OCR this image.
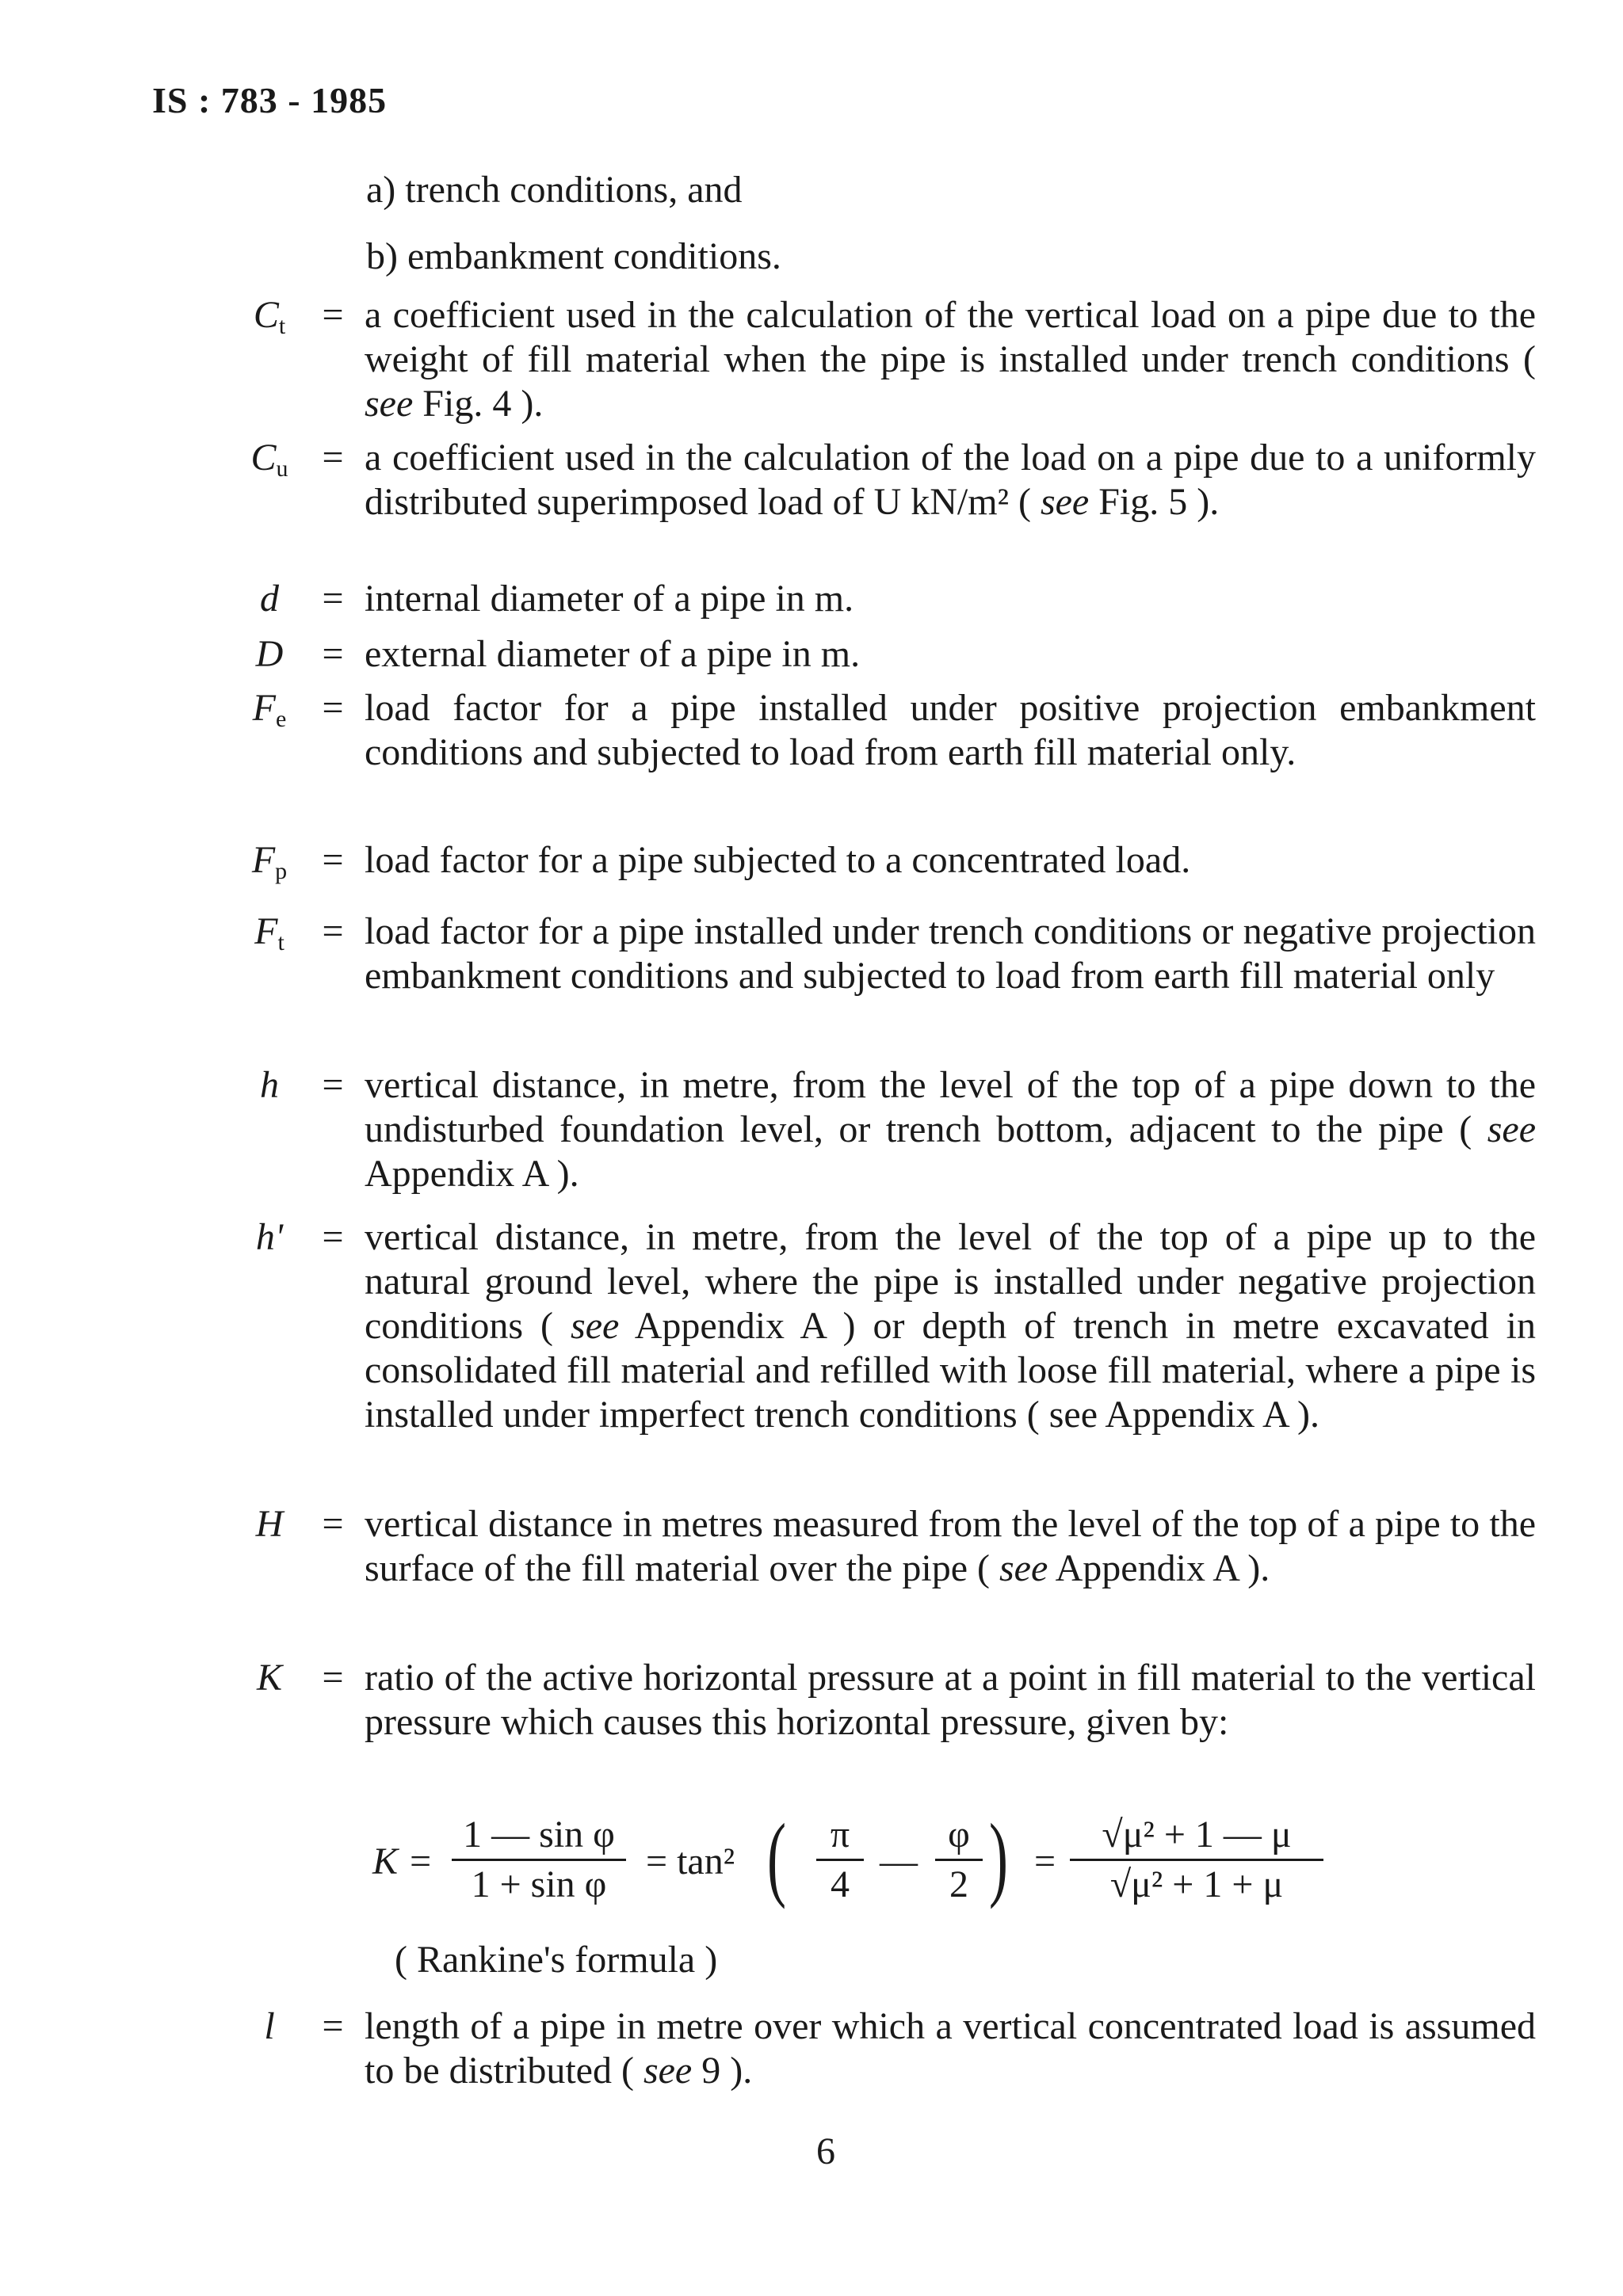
IS : 783 - 1985
a) trench conditions, and
b) embankment conditions.
$C_t = a$ coefficient used in the calculation of the vertical load on a pipe due to the weight of fill material when the pipe is installed under trench conditions ( see Fig. 4 ).
$C_u = a$ coefficient used in the calculation of the load on a pipe due to a uniformly distributed superimposed load of U kN/m² ( see Fig. 5 ).
d	= internal diameter of a pipe in m.
D	= external diameter of a pipe in m.
$F_e$ = load factor for a pipe installed under positive projection embankment conditions and subjected to load from earth fill material only.
$F_p$ = load factor for a pipe subjected to a concentrated load.
$F_t$ = load factor for a pipe installed under trench conditions or negative projection embankment conditions and subjected to load from earth fill material only
h	= vertical distance, in metre, from the level of the top of a pipe down to the undisturbed foundation level, or trench bottom, adjacent to the pipe ( see Appendix A ).
h'	= vertical distance, in metre, from the level of the top of a pipe up to the natural ground level, where the pipe is installed under negative projection conditions ( see Appendix A ) or depth of trench in metre excavated in consolidated fill material and refilled with loose fill material, where a pipe is installed under imperfect trench conditions ( see Appendix A ).
H	= vertical distance in metres measured from the level of the top of a pipe to the surface of the fill material over the pipe ( see Appendix A ).
K	= ratio of the active horizontal pressure at a point in fill material to the vertical pressure which causes this horizontal pressure, given by:
l	= length of a pipe in metre over which a vertical concentrated load is assumed to be distributed ( see 9 ).
K =
1 — sin φ
1 + sin φ
= tan² (	π
4
—
φ
2 ) =
√μ² + 1 — μ
√μ² + 1 + μ
( Rankine's formula )
6
